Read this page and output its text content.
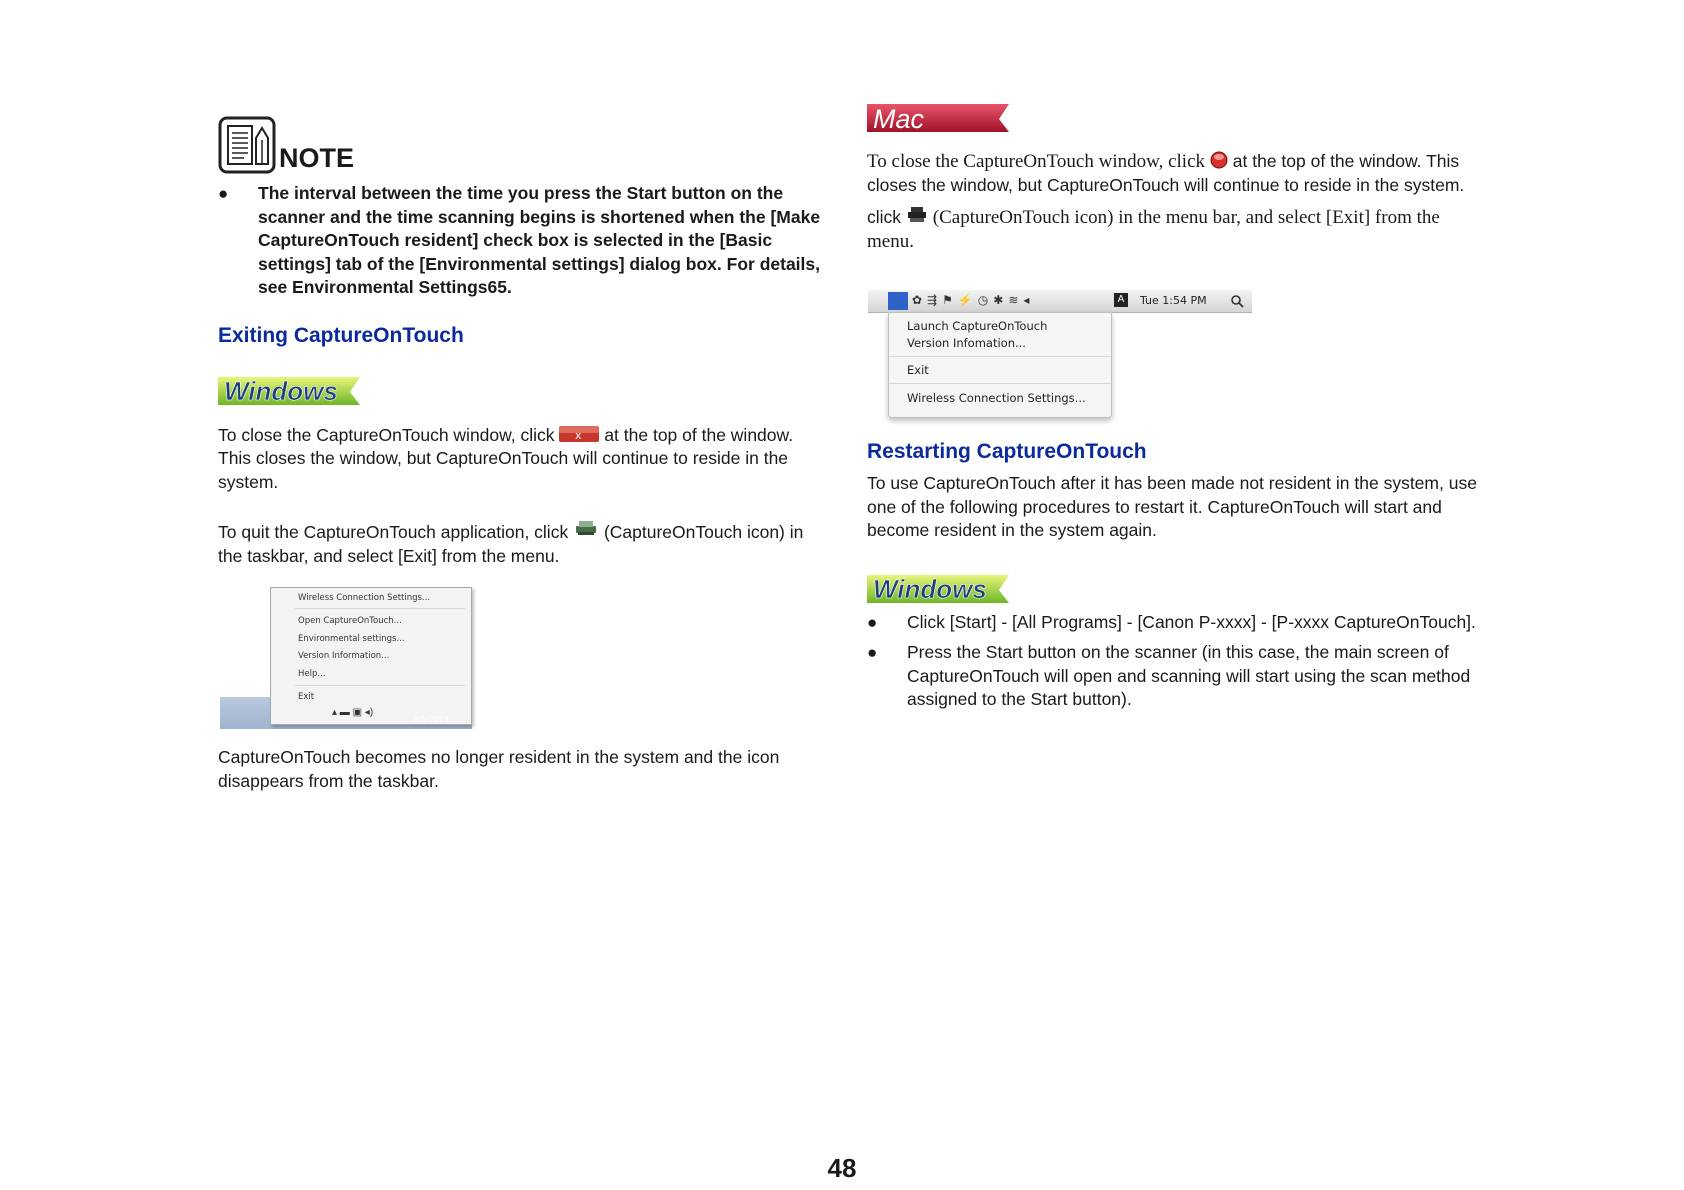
NOTE
●	The interval between the time you press the Start button on the scanner and the time scanning begins is shortened when the [Make CaptureOnTouch resident] check box is selected in the [Basic settings] tab of the [Environmental settings] dialog box. For details, see Environmental Settings65.

Exiting CaptureOnTouch
Windows

To close the CaptureOnTouch window, click x at the top of the window. This closes the window, but CaptureOnTouch will continue to reside in the system.

To quit the CaptureOnTouch application, click (CaptureOnTouch icon) in the taskbar, and select [Exit] from the menu.

Wireless Connection Settings...
Open CaptureOnTouch...
Environmental settings...
Version Information...
Help...
Exit
▴ ▬ ▣ ◂)
3/5/2014

CaptureOnTouch becomes no longer resident in the system and the icon disappears from the taskbar.

Mac

To close the CaptureOnTouch window, click at the top of the window. This closes the window, but CaptureOnTouch will continue to reside in the system.

click (CaptureOnTouch icon) in the menu bar, and select [Exit] from the menu.

✿⇶⚑⚡◷✱≋◂	A	Tue 1:54 PM
Launch CaptureOnTouch
Version Infomation...
Exit
Wireless Connection Settings...
Restarting CaptureOnTouch

To use CaptureOnTouch after it has been made not resident in the system, use one of the following procedures to restart it. CaptureOnTouch will start and become resident in the system again.

Windows
●	Click [Start] - [All Programs] - [Canon P-xxxx] - [P-xxxx CaptureOnTouch].

●	Press the Start button on the scanner (in this case, the main screen of CaptureOnTouch will open and scanning will start using the scan method assigned to the Start button).

48
